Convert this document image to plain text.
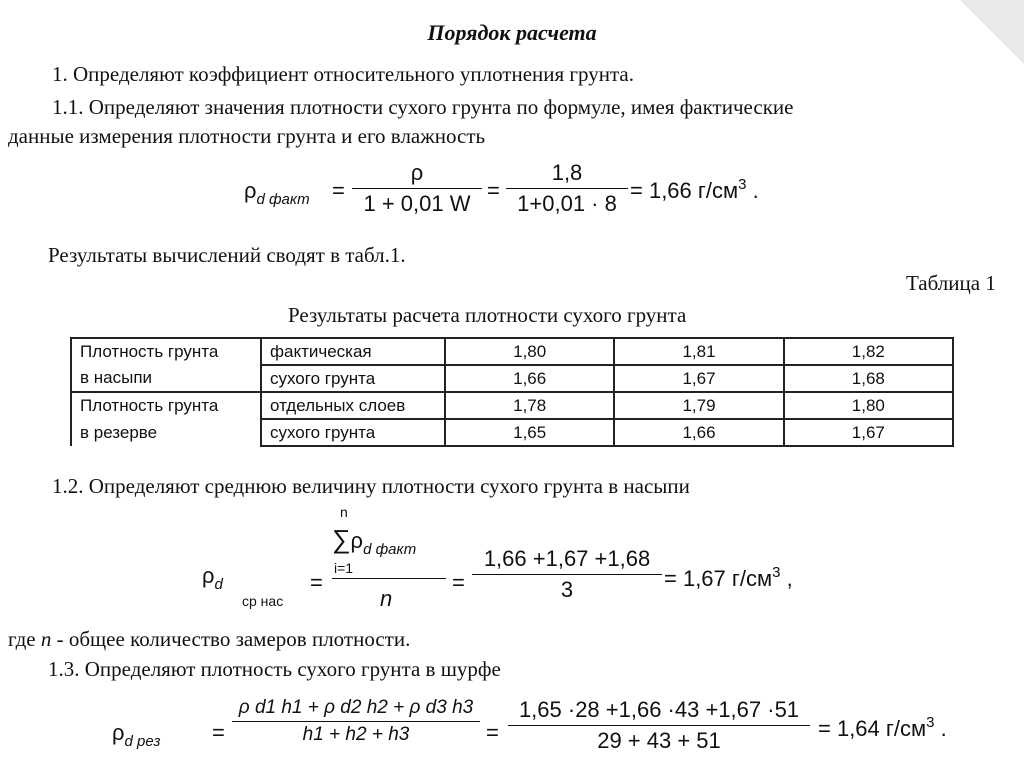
Порядок расчета
1. Определяют коэффициент относительного уплотнения грунта.
1.1. Определяют значения плотности сухого грунта по формуле, имея фактические
данные измерения плотности грунта и его влажность
$\rho_{d факт}$ =
ρ
1 + 0,01 W
=
1,8
1+0,01 · 8
= 1,66 $г/см^3$ .
Результаты вычислений сводят в табл.1.
Таблица 1
Результаты расчета плотности сухого грунта
Плотность грунта	фактическая	1,80	1,81	1,82
в насыпи	сухого грунта	1,66	1,67	1,68
Плотность грунта	отдельных слоев	1,78	1,79	1,80
в резерве	сухого грунта	1,65	1,66	1,67
1.2. Определяют среднюю величину плотности сухого грунта в насыпи
$\rho_d$
ср нас
=
n
$\sum\rho_{d факт}$
i=1
n
=
1,66 +1,67 +1,68
3	= 1,67 $г/см^3$ ,
где n - общее количество замеров плотности.
1.3. Определяют плотность сухого грунта в шурфе
$\rho_{d рез}$ =
ρ d1 h1 + ρ d2 h2 + ρ d3 h3
h1 + h2 + h3	=
1,65 ·28 +1,66 ·43 +1,67 ·51
29 + 43 + 51	= 1,64 $г/см^3$ .
